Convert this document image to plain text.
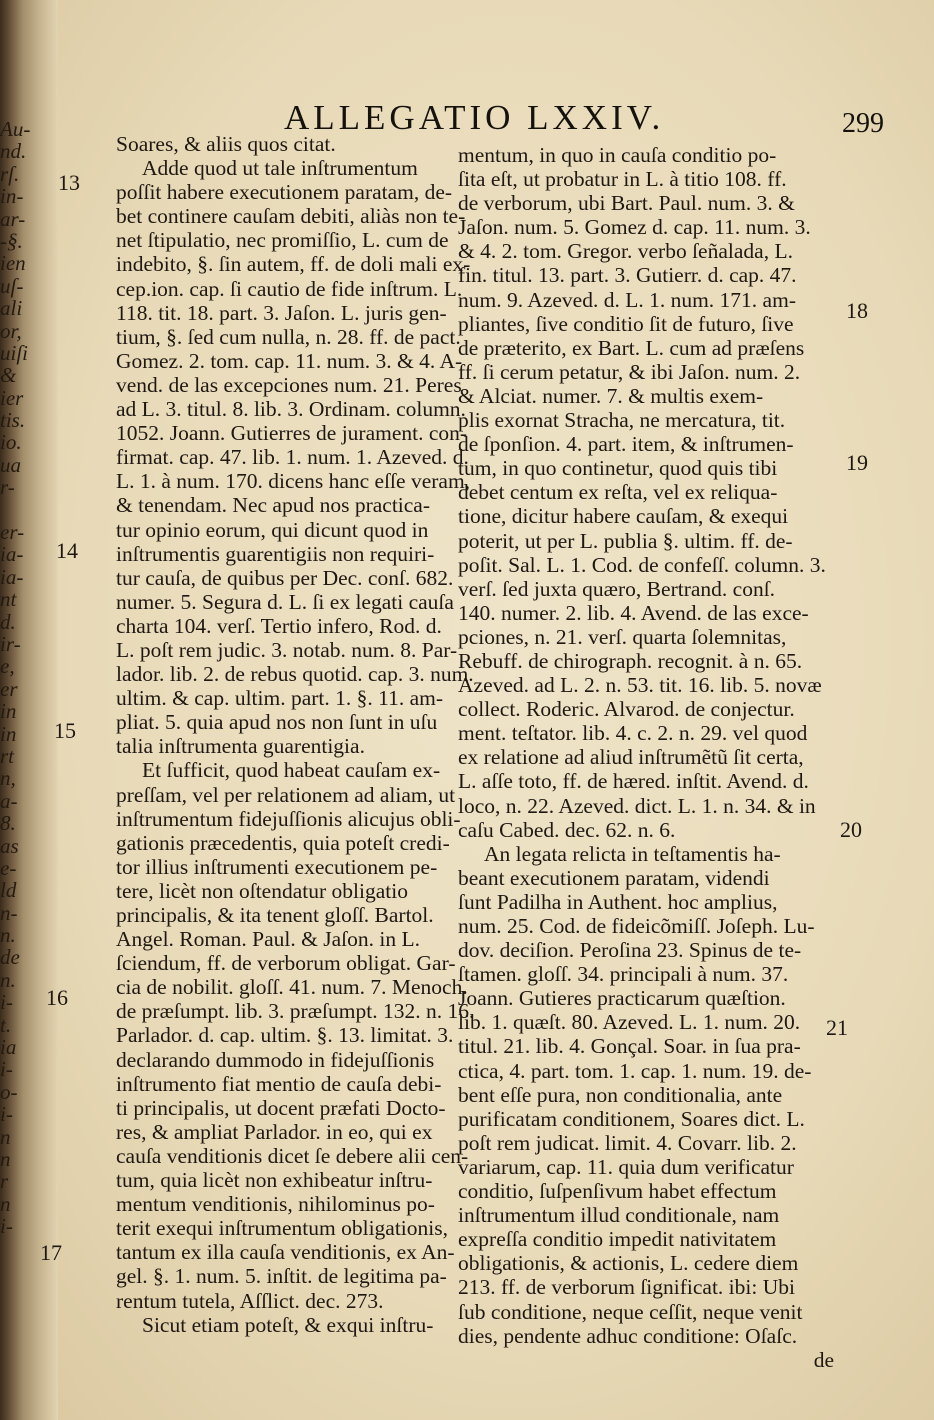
Au-
nd.
rſ.
in-
ar-
-§.
ien
uſ-
ali
or,
uiſi
&
ier
tis.
io.
ua
r-
er-
ia-
ia-
nt
d.
ir-
e,
er
in
in
rt
n,
a-
8.
as
e-
ld
n-
n.
de
n.
i-
t.
ia
i-
o-
i-
n
n
r
n
i-
ALLEGATIO LXXIV.	299
Soares, & aliis quos citat.
Adde quod ut tale inſtrumentum
poſſit habere executionem paratam, de-
bet continere cauſam debiti, aliàs non te-
net ſtipulatio, nec promiſſio, L. cum de
indebito, §. ſin autem, ff. de doli mali ex-
cep.ion. cap. ſi cautio de fide inſtrum. L.
118. tit. 18. part. 3. Jaſon. L. juris gen-
tium, §. ſed cum nulla, n. 28. ff. de pact.
Gomez. 2. tom. cap. 11. num. 3. & 4. A-
vend. de las excepciones num. 21. Peres
ad L. 3. titul. 8. lib. 3. Ordinam. column.
1052. Joann. Gutierres de jurament. con-
firmat. cap. 47. lib. 1. num. 1. Azeved. d.
L. 1. à num. 170. dicens hanc eſſe veram,
& tenendam. Nec apud nos practica-
tur opinio eorum, qui dicunt quod in
inſtrumentis guarentigiis non requiri-
tur cauſa, de quibus per Dec. conſ. 682.
numer. 5. Segura d. L. ſi ex legati cauſa
charta 104. verſ. Tertio infero, Rod. d.
L. poſt rem judic. 3. notab. num. 8. Par-
lador. lib. 2. de rebus quotid. cap. 3. num.
ultim. & cap. ultim. part. 1. §. 11. am-
pliat. 5. quia apud nos non ſunt in uſu
talia inſtrumenta guarentigia.
Et ſufficit, quod habeat cauſam ex-
preſſam, vel per relationem ad aliam, ut
inſtrumentum fidejuſſionis alicujus obli-
gationis præcedentis, quia poteſt credi-
tor illius inſtrumenti executionem pe-
tere, licèt non oſtendatur obligatio
principalis, & ita tenent gloſſ. Bartol.
Angel. Roman. Paul. & Jaſon. in L.
ſciendum, ff. de verborum obligat. Gar-
cia de nobilit. gloſſ. 41. num. 7. Menoch.
de præſumpt. lib. 3. præſumpt. 132. n. 16.
Parlador. d. cap. ultim. §. 13. limitat. 3.
declarando dummodo in fidejuſſionis
inſtrumento fiat mentio de cauſa debi-
ti principalis, ut docent præfati Docto-
res, & ampliat Parlador. in eo, qui ex
cauſa venditionis dicet ſe debere alii cen-
tum, quia licèt non exhibeatur inſtru-
mentum venditionis, nihilominus po-
terit exequi inſtrumentum obligationis,
tantum ex illa cauſa venditionis, ex An-
gel. §. 1. num. 5. inſtit. de legitima pa-
rentum tutela, Aſſlict. dec. 273.
Sicut etiam poteſt, & exqui inſtru-
mentum, in quo in cauſa conditio po-
ſita eſt, ut probatur in L. à titio 108. ff.
de verborum, ubi Bart. Paul. num. 3. &
Jaſon. num. 5. Gomez d. cap. 11. num. 3.
& 4. 2. tom. Gregor. verbo ſeñalada, L.
fin. titul. 13. part. 3. Gutierr. d. cap. 47.
num. 9. Azeved. d. L. 1. num. 171. am-
pliantes, ſive conditio ſit de futuro, ſive
de præterito, ex Bart. L. cum ad præſens
ff. ſi cerum petatur, & ibi Jaſon. num. 2.
& Alciat. numer. 7. & multis exem-
plis exornat Stracha, ne mercatura, tit.
de ſponſion. 4. part. item, & inſtrumen-
tum, in quo continetur, quod quis tibi
debet centum ex reſta, vel ex reliqua-
tione, dicitur habere cauſam, & exequi
poterit, ut per L. publia §. ultim. ff. de-
poſit. Sal. L. 1. Cod. de confeſſ. column. 3.
verſ. ſed juxta quæro, Bertrand. conſ.
140. numer. 2. lib. 4. Avend. de las exce-
pciones, n. 21. verſ. quarta ſolemnitas,
Rebuff. de chirograph. recognit. à n. 65.
Azeved. ad L. 2. n. 53. tit. 16. lib. 5. novæ
collect. Roderic. Alvarod. de conjectur.
ment. teſtator. lib. 4. c. 2. n. 29. vel quod
ex relatione ad aliud inſtrumẽtũ ſit certa,
L. aſſe toto, ff. de hæred. inſtit. Avend. d.
loco, n. 22. Azeved. dict. L. 1. n. 34. & in
caſu Cabed. dec. 62. n. 6.
An legata relicta in teſtamentis ha-
beant executionem paratam, videndi
ſunt Padilha in Authent. hoc amplius,
num. 25. Cod. de fideicõmiſſ. Joſeph. Lu-
dov. deciſion. Peroſina 23. Spinus de te-
ſtamen. gloſſ. 34. principali à num. 37.
Joann. Gutieres practicarum quæſtion.
lib. 1. quæſt. 80. Azeved. L. 1. num. 20.
titul. 21. lib. 4. Gonçal. Soar. in ſua pra-
ctica, 4. part. tom. 1. cap. 1. num. 19. de-
bent eſſe pura, non conditionalia, ante
purificatam conditionem, Soares dict. L.
poſt rem judicat. limit. 4. Covarr. lib. 2.
variarum, cap. 11. quia dum verificatur
conditio, ſuſpenſivum habet effectum
inſtrumentum illud conditionale, nam
expreſſa conditio impedit nativitatem
obligationis, & actionis, L. cedere diem
213. ff. de verborum ſignificat. ibi: Ubi
ſub conditione, neque ceſſit, neque venit
dies, pendente adhuc conditione: Oſaſc.
de
13
14
15
16
17
18
19
20
21
